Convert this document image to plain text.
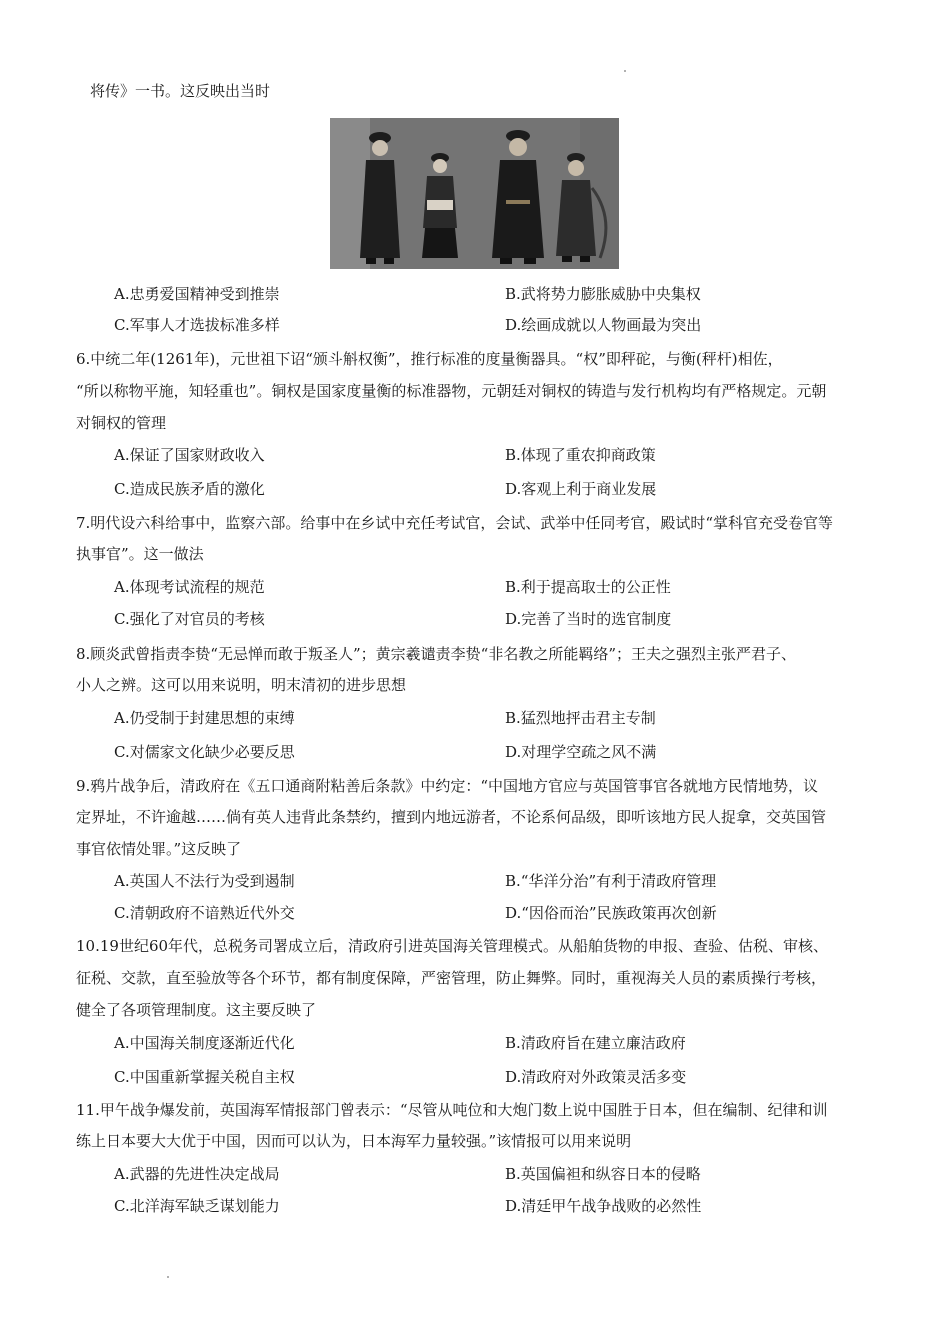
将传》一书。这反映出当时
A.忠勇爱国精神受到推崇	B.武将势力膨胀威胁中央集权
C.军事人才选拔标准多样	D.绘画成就以人物画最为突出
6.中统二年(1261年)，元世祖下诏“颁斗斛权衡”，推行标准的度量衡器具。“权”即秤砣，与衡(秤杆)相佐，
“所以称物平施，知轻重也”。铜权是国家度量衡的标准器物，元朝廷对铜权的铸造与发行机构均有严格规定。元朝
对铜权的管理
A.保证了国家财政收入	B.体现了重农抑商政策
C.造成民族矛盾的激化	D.客观上利于商业发展
7.明代设六科给事中，监察六部。给事中在乡试中充任考试官，会试、武举中任同考官，殿试时“掌科官充受卷官等
执事官”。这一做法
A.体现考试流程的规范	B.利于提高取士的公正性
C.强化了对官员的考核	D.完善了当时的选官制度
8.顾炎武曾指责李贽“无忌惮而敢于叛圣人”；黄宗羲谴责李贽“非名教之所能羁络”；王夫之强烈主张严君子、
小人之辨。这可以用来说明，明末清初的进步思想
A.仍受制于封建思想的束缚	B.猛烈地抨击君主专制
C.对儒家文化缺少必要反思	D.对理学空疏之风不满
9.鸦片战争后，清政府在《五口通商附粘善后条款》中约定：“中国地方官应与英国管事官各就地方民情地势，议
定界址，不许逾越……倘有英人违背此条禁约，擅到内地远游者，不论系何品级，即听该地方民人捉拿，交英国管
事官依情处罪。”这反映了
A.英国人不法行为受到遏制	B.“华洋分治”有利于清政府管理
C.清朝政府不谙熟近代外交	D.“因俗而治”民族政策再次创新
10.19世纪60年代，总税务司署成立后，清政府引进英国海关管理模式。从船舶货物的申报、查验、估税、审核、
征税、交款，直至验放等各个环节，都有制度保障，严密管理，防止舞弊。同时，重视海关人员的素质操行考核，
健全了各项管理制度。这主要反映了
A.中国海关制度逐渐近代化	B.清政府旨在建立廉洁政府
C.中国重新掌握关税自主权	D.清政府对外政策灵活多变
11.甲午战争爆发前，英国海军情报部门曾表示：“尽管从吨位和大炮门数上说中国胜于日本，但在编制、纪律和训
练上日本要大大优于中国，因而可以认为，日本海军力量较强。”该情报可以用来说明
A.武器的先进性决定战局	B.英国偏袒和纵容日本的侵略
C.北洋海军缺乏谋划能力	D.清廷甲午战争战败的必然性
